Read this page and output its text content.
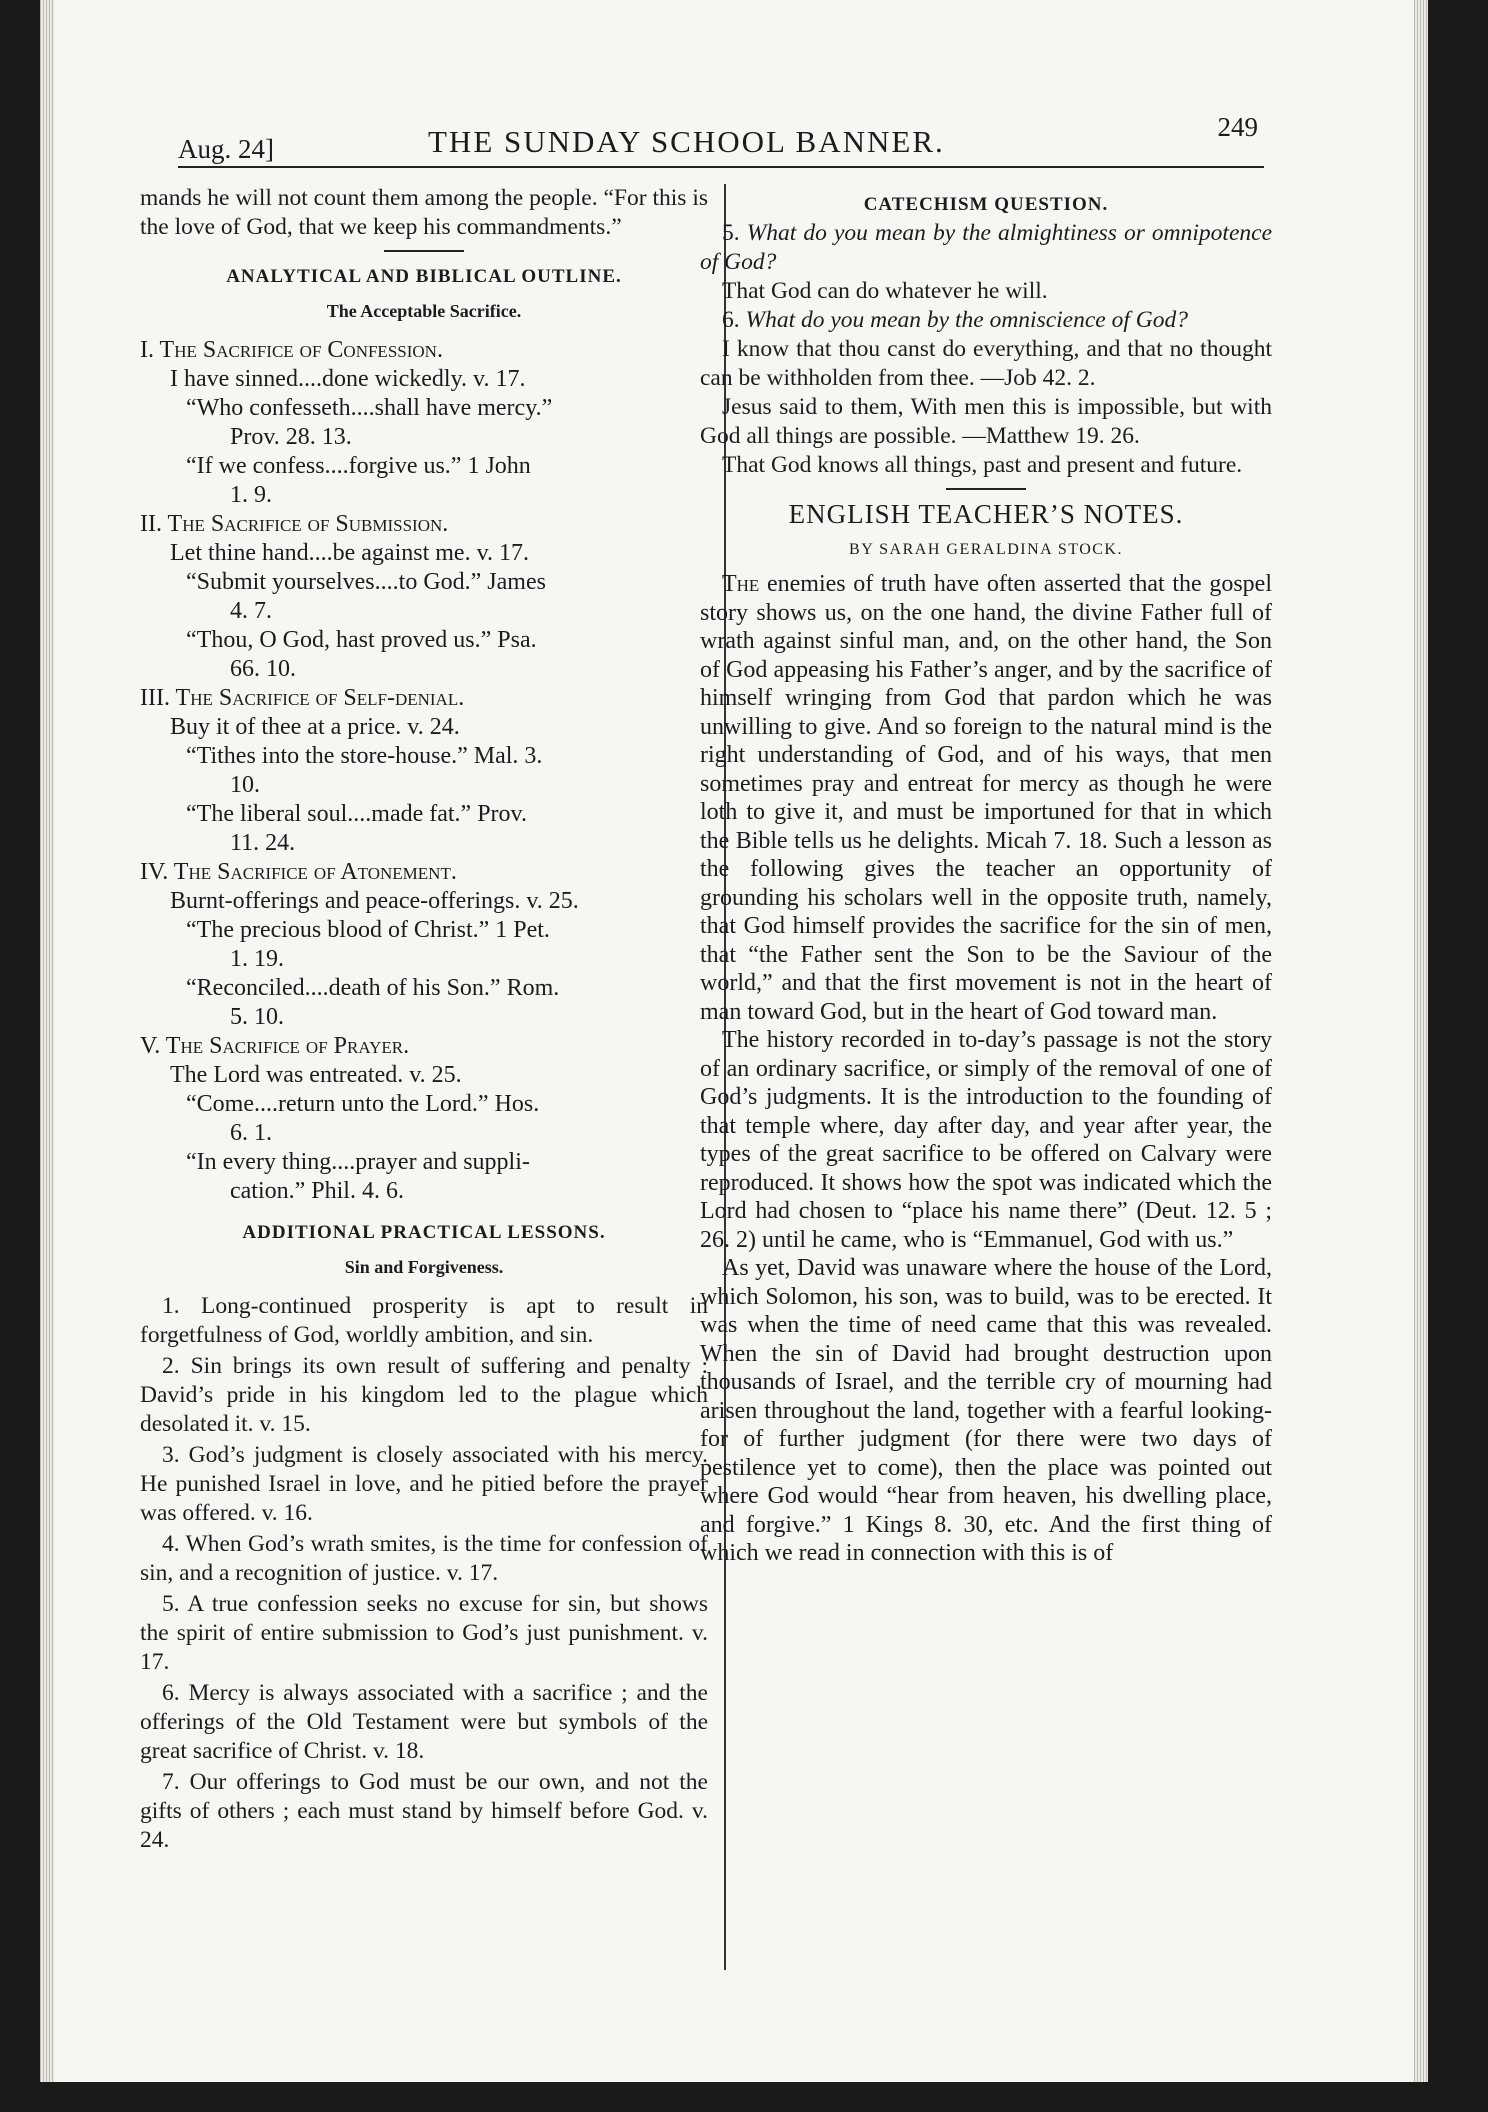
Aug. 24]	THE SUNDAY SCHOOL BANNER.	249

mands he will not count them among the people. “For this is the love of God, that we keep his commandments.”

ANALYTICAL AND BIBLICAL OUTLINE.
The Acceptable Sacrifice.

I. The Sacrifice of Confession.

I have sinned....done wickedly. v. 17.

“Who confesseth....shall have mercy.”

Prov. 28. 13.

“If we confess....forgive us.” 1 John

1. 9.

II. The Sacrifice of Submission.

Let thine hand....be against me. v. 17.

“Submit yourselves....to God.” James

4. 7.

“Thou, O God, hast proved us.” Psa.

66. 10.

III. The Sacrifice of Self-denial.

Buy it of thee at a price. v. 24.

“Tithes into the store-house.” Mal. 3.

10.

“The liberal soul....made fat.” Prov.

11. 24.

IV. The Sacrifice of Atonement.

Burnt-offerings and peace-offerings. v. 25.

“The precious blood of Christ.” 1 Pet.

1. 19.

“Reconciled....death of his Son.” Rom.

5. 10.

V. The Sacrifice of Prayer.

The Lord was entreated. v. 25.

“Come....return unto the Lord.” Hos.

6. 1.

“In every thing....prayer and suppli-

cation.” Phil. 4. 6.

ADDITIONAL PRACTICAL LESSONS.
Sin and Forgiveness.

1. Long-continued prosperity is apt to result in forgetfulness of God, worldly ambition, and sin.

2. Sin brings its own result of suffering and penalty : David’s pride in his kingdom led to the plague which desolated it. v. 15.

3. God’s judgment is closely associated with his mercy. He punished Israel in love, and he pitied before the prayer was offered. v. 16.

4. When God’s wrath smites, is the time for confession of sin, and a recognition of justice. v. 17.

5. A true confession seeks no excuse for sin, but shows the spirit of entire submission to God’s just punishment. v. 17.

6. Mercy is always associated with a sacrifice ; and the offerings of the Old Testament were but symbols of the great sacrifice of Christ. v. 18.

7. Our offerings to God must be our own, and not the gifts of others ; each must stand by himself before God. v. 24.

CATECHISM QUESTION.

5. What do you mean by the almightiness or omnipotence of God?

That God can do whatever he will.

6. What do you mean by the omniscience of God?

I know that thou canst do everything, and that no thought can be withholden from thee. —Job 42. 2.

Jesus said to them, With men this is impossible, but with God all things are possible. —Matthew 19. 26.

That God knows all things, past and present and future.

ENGLISH TEACHER’S NOTES.
BY SARAH GERALDINA STOCK.

The enemies of truth have often asserted that the gospel story shows us, on the one hand, the divine Father full of wrath against sinful man, and, on the other hand, the Son of God appeasing his Father’s anger, and by the sacrifice of himself wringing from God that pardon which he was unwilling to give. And so foreign to the natural mind is the right understanding of God, and of his ways, that men sometimes pray and entreat for mercy as though he were loth to give it, and must be importuned for that in which the Bible tells us he delights. Micah 7. 18. Such a lesson as the following gives the teacher an opportunity of grounding his scholars well in the opposite truth, namely, that God himself provides the sacrifice for the sin of men, that “the Father sent the Son to be the Saviour of the world,” and that the first movement is not in the heart of man toward God, but in the heart of God toward man.

The history recorded in to-day’s passage is not the story of an ordinary sacrifice, or simply of the removal of one of God’s judgments. It is the introduction to the founding of that temple where, day after day, and year after year, the types of the great sacrifice to be offered on Calvary were reproduced. It shows how the spot was indicated which the Lord had chosen to “place his name there” (Deut. 12. 5 ; 26. 2) until he came, who is “Emmanuel, God with us.”

As yet, David was unaware where the house of the Lord, which Solomon, his son, was to build, was to be erected. It was when the time of need came that this was revealed. When the sin of David had brought destruction upon thousands of Israel, and the terrible cry of mourning had arisen throughout the land, together with a fearful looking-for of further judgment (for there were two days of pestilence yet to come), then the place was pointed out where God would “hear from heaven, his dwelling place, and forgive.” 1 Kings 8. 30, etc. And the first thing of which we read in connection with this is of
